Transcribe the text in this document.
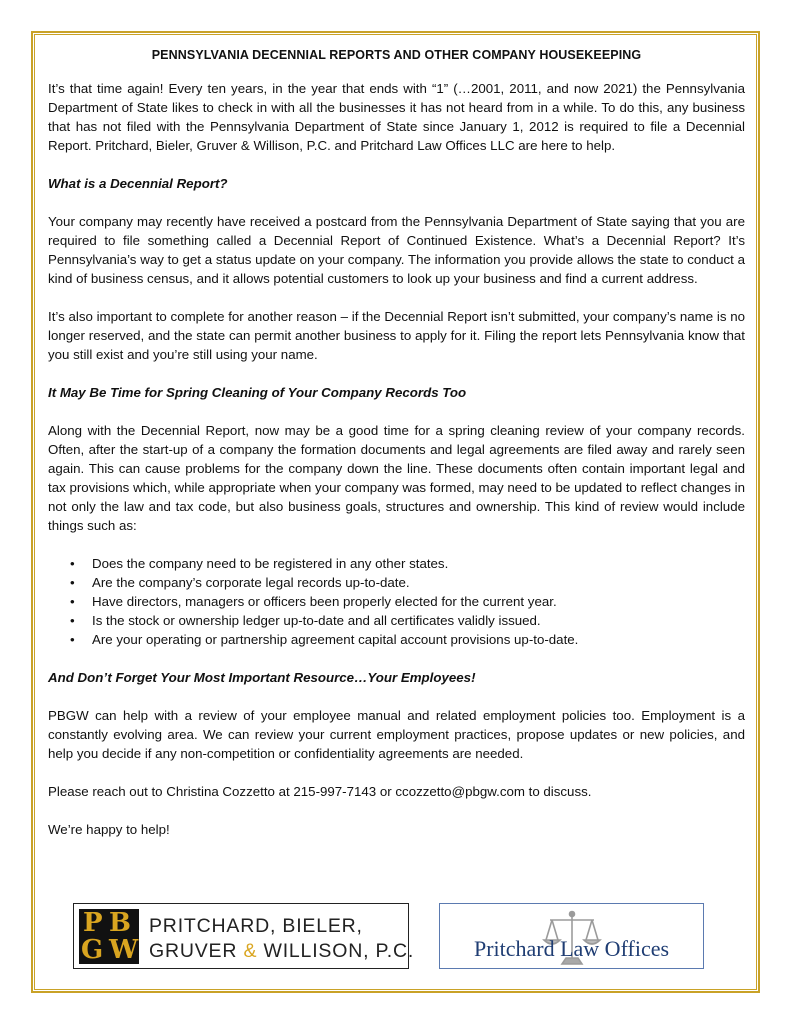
PENNSYLVANIA DECENNIAL REPORTS AND OTHER COMPANY HOUSEKEEPING

It’s that time again! Every ten years, in the year that ends with “1” (…2001, 2011, and now 2021) the Pennsylvania Department of State likes to check in with all the businesses it has not heard from in a while. To do this, any business that has not filed with the Pennsylvania Department of State since January 1, 2012 is required to file a Decennial Report. Pritchard, Bieler, Gruver & Willison, P.C. and Pritchard Law Offices LLC are here to help.

What is a Decennial Report?

Your company may recently have received a postcard from the Pennsylvania Department of State saying that you are required to file something called a Decennial Report of Continued Existence. What’s a Decennial Report? It’s Pennsylvania’s way to get a status update on your company. The information you provide allows the state to conduct a kind of business census, and it allows potential customers to look up your business and find a current address.

It’s also important to complete for another reason – if the Decennial Report isn’t submitted, your company’s name is no longer reserved, and the state can permit another business to apply for it. Filing the report lets Pennsylvania know that you still exist and you’re still using your name.

It May Be Time for Spring Cleaning of Your Company Records Too

Along with the Decennial Report, now may be a good time for a spring cleaning review of your company records. Often, after the start-up of a company the formation documents and legal agreements are filed away and rarely seen again. This can cause problems for the company down the line. These documents often contain important legal and tax provisions which, while appropriate when your company was formed, may need to be updated to reflect changes in not only the law and tax code, but also business goals, structures and ownership. This kind of review would include things such as:

• Does the company need to be registered in any other states.
• Are the company’s corporate legal records up-to-date.
• Have directors, managers or officers been properly elected for the current year.
• Is the stock or ownership ledger up-to-date and all certificates validly issued.
• Are your operating or partnership agreement capital account provisions up-to-date.
And Don’t Forget Your Most Important Resource…Your Employees!

PBGW can help with a review of your employee manual and related employment policies too. Employment is a constantly evolving area. We can review your current employment practices, propose updates or new policies, and help you decide if any non-competition or confidentiality agreements are needed.

Please reach out to Christina Cozzetto at 215-997-7143 or ccozzetto@pbgw.com to discuss.

We’re happy to help!

P B
G W
PRITCHARD, BIELER,
GRUVER & WILLISON, P.C.	Pritchard Law Offices
